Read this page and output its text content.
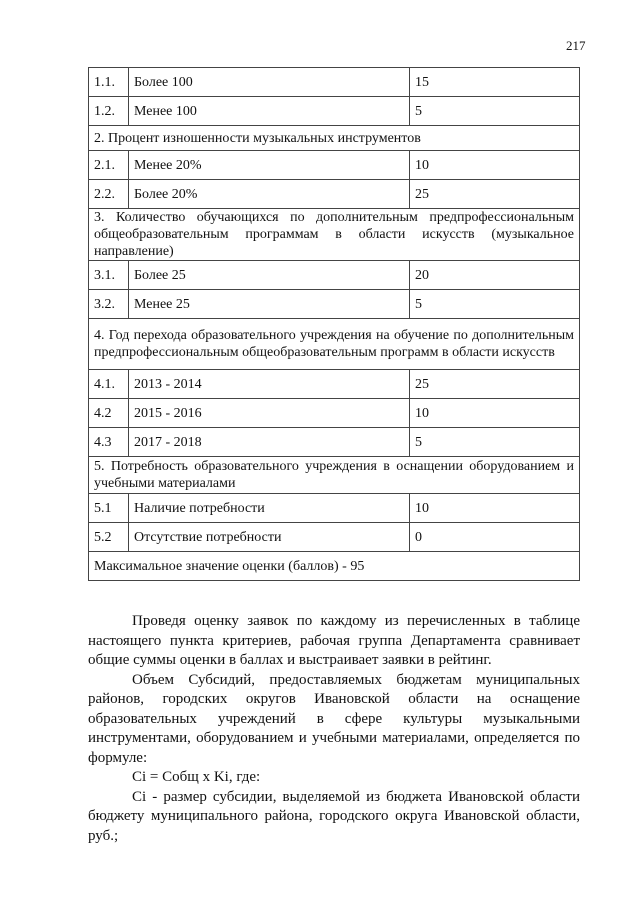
217
1.1.	Более 100	15
1.2.	Менее 100	5
2. Процент изношенности музыкальных инструментов		
2.1.	Менее 20%	10
2.2.	Более 20%	25
3. Количество обучающихся по дополнительным предпрофессиональным общеобразовательным программам в области искусств (музыкальное направление)		
3.1.	Более 25	20
3.2.	Менее 25	5
4. Год перехода образовательного учреждения на обучение по дополнительным предпрофессиональным общеобразовательным программ в области искусств		
4.1.	2013 - 2014	25
4.2	2015 - 2016	10
4.3	2017 - 2018	5
5. Потребность образовательного учреждения в оснащении оборудованием и учебными материалами		
5.1	Наличие потребности	10
5.2	Отсутствие потребности	0
Максимальное значение оценки (баллов) - 95		

Проведя оценку заявок по каждому из перечисленных в таблице настоящего пункта критериев, рабочая группа Департамента сравнивает общие суммы оценки в баллах и выстраивает заявки в рейтинг.

Объем Субсидий, предоставляемых бюджетам муниципальных районов, городских округов Ивановской области на оснащение образовательных учреждений в сфере культуры музыкальными инструментами, оборудованием и учебными материалами, определяется по формуле:

Ci = Cобщ x Ki, где:

Ci - размер субсидии, выделяемой из бюджета Ивановской области бюджету муниципального района, городского округа Ивановской области, руб.;
